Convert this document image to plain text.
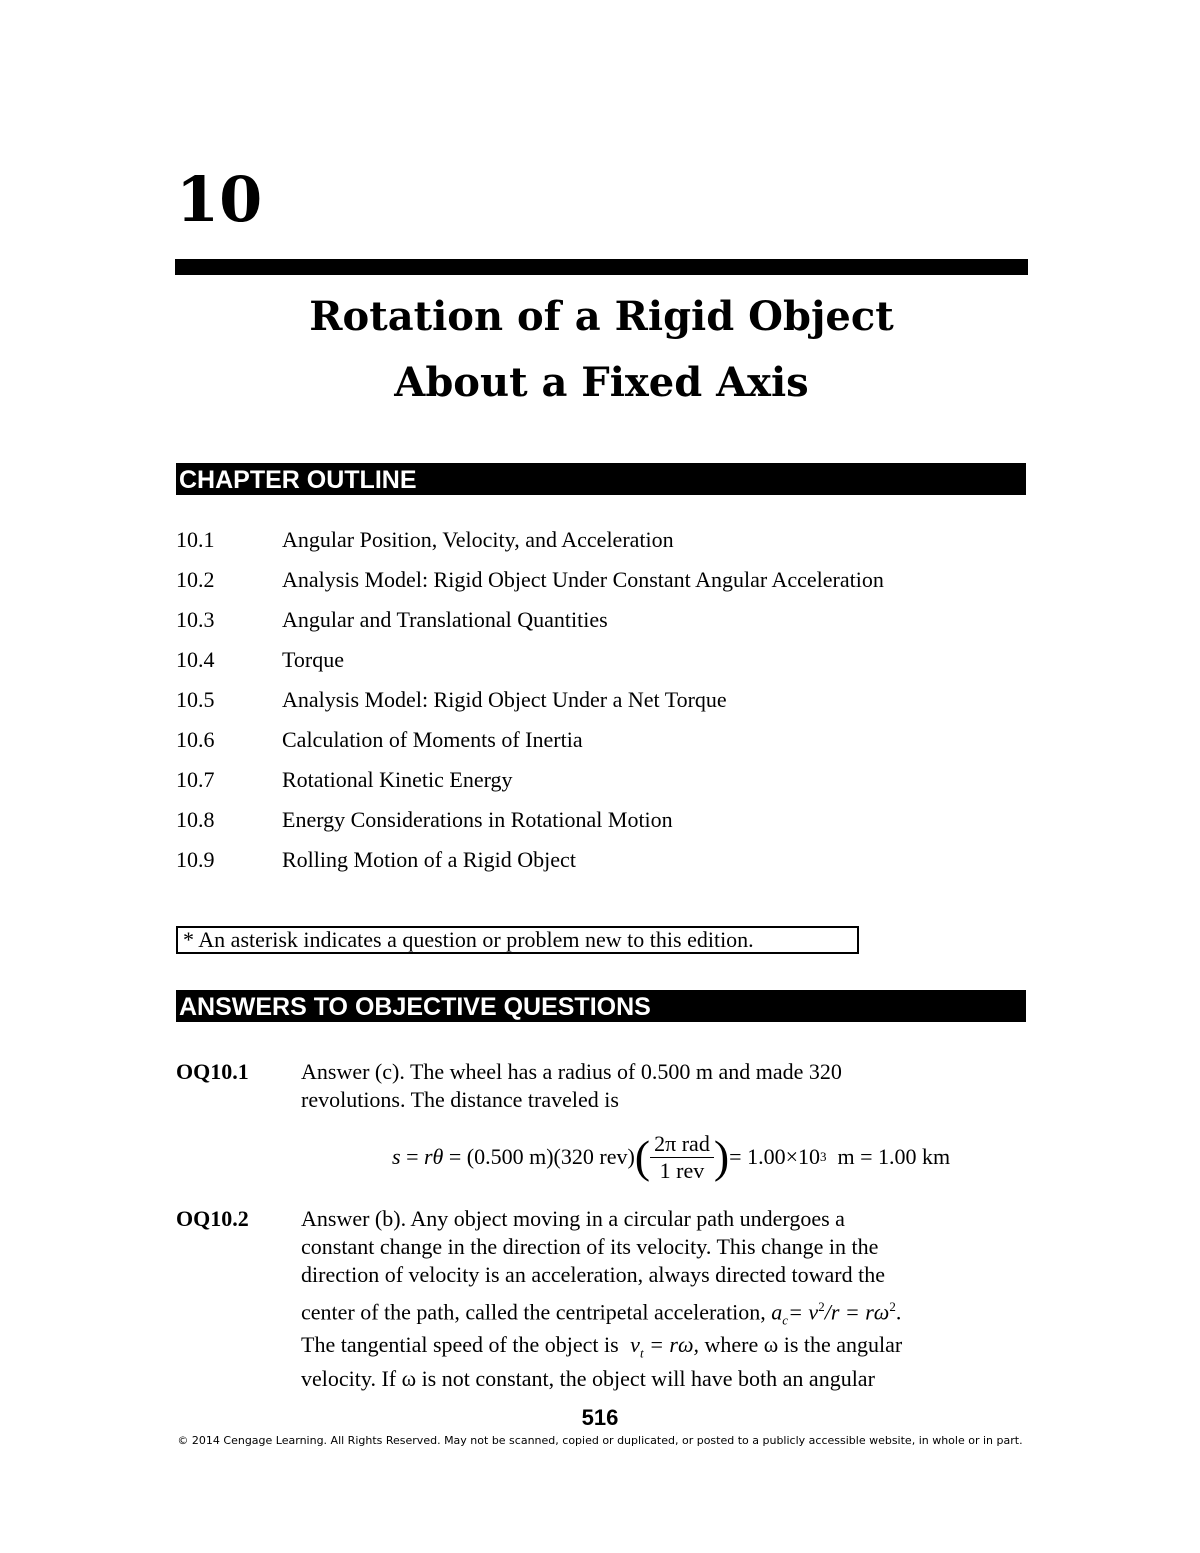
10
Rotation of a Rigid Object
About a Fixed Axis
CHAPTER OUTLINE
10.1	Angular Position, Velocity, and Acceleration
10.2	Analysis Model: Rigid Object Under Constant Angular Acceleration
10.3	Angular and Translational Quantities
10.4	Torque
10.5	Analysis Model: Rigid Object Under a Net Torque
10.6	Calculation of Moments of Inertia
10.7	Rotational Kinetic Energy
10.8	Energy Considerations in Rotational Motion
10.9	Rolling Motion of a Rigid Object
* An asterisk indicates a question or problem new to this edition.
ANSWERS TO OBJECTIVE QUESTIONS
OQ10.1 Answer (c). The wheel has a radius of 0.500 m and made 320
revolutions. The distance traveled is
s = rθ = (0.500 m)(320 rev) ( $\frac{\text{2π rad}}{\text{1 rev}}$ ) = 1.00×10 3
m
= 1.00 km
OQ10.2 Answer (b). Any object moving in a circular path undergoes a
constant change in the direction of its velocity. This change in the
direction of velocity is an acceleration, always directed toward the
center of the path, called the centripetal acceleration, $a_c= v^2/r = r\omega^2$.
The tangential speed of the object is $v_t = r\omega$, where ω is the angular
velocity. If ω is not constant, the object will have both an angular
516
© 2014 Cengage Learning. All Rights Reserved. May not be scanned, copied or duplicated, or posted to a publicly accessible website, in whole or in part.
